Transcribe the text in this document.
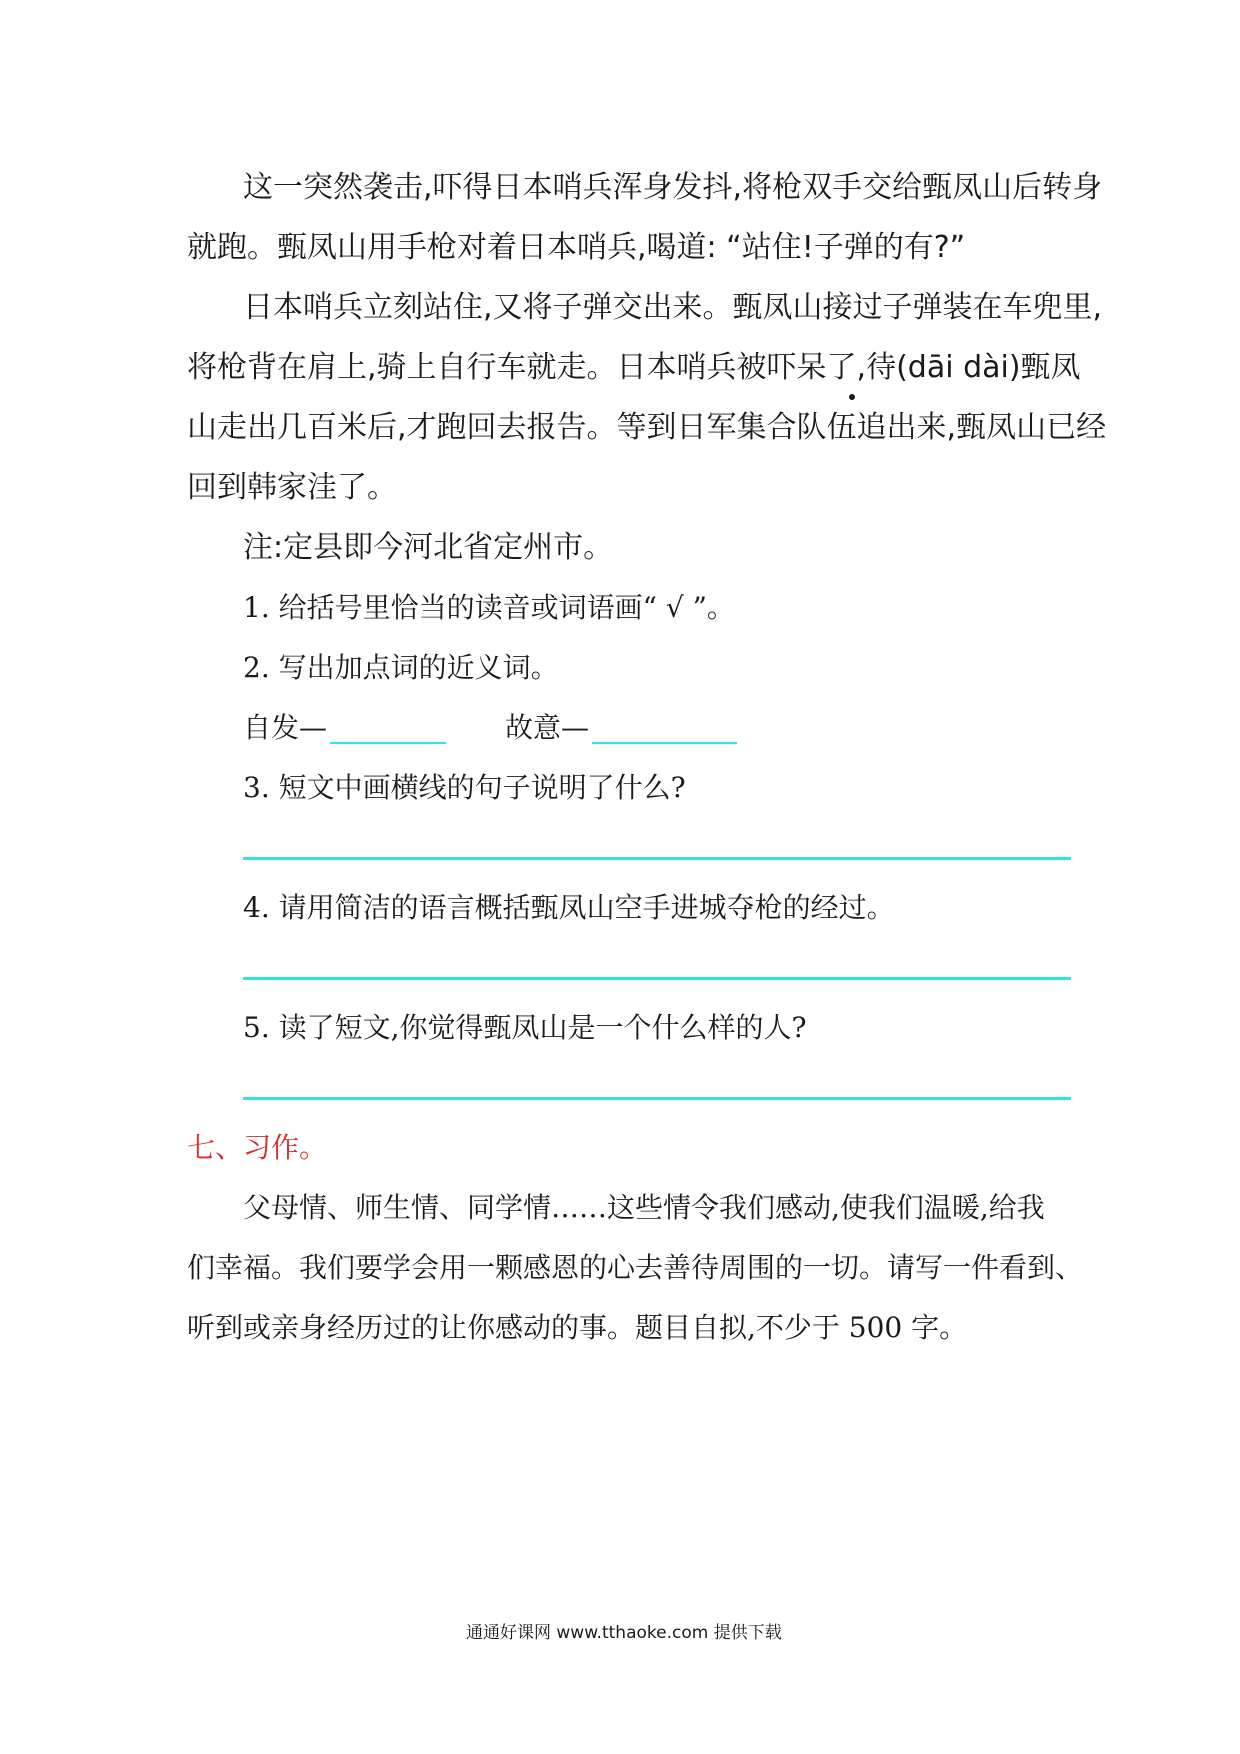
这一突然袭击,吓得日本哨兵浑身发抖,将枪双手交给甄凤山后转身
就跑。甄凤山用手枪对着日本哨兵,喝道: “站住!子弹的有?”
日本哨兵立刻站住,又将子弹交出来。甄凤山接过子弹装在车兜里,
将枪背在肩上,骑上自行车就走。日本哨兵被吓呆了,待(dāi dài)甄凤
山走出几百米后,才跑回去报告。等到日军集合队伍追出来,甄凤山已经
回到韩家洼了。
注:定县即今河北省定州市。
1. 给括号里恰当的读音或词语画“ √ ”。
2. 写出加点词的近义词。
自发—	故意—
3. 短文中画横线的句子说明了什么?
4. 请用简洁的语言概括甄凤山空手进城夺枪的经过。
5. 读了短文,你觉得甄凤山是一个什么样的人?
七、习作。
父母情、师生情、同学情……这些情令我们感动,使我们温暖,给我
们幸福。我们要学会用一颗感恩的心去善待周围的一切。请写一件看到、
听到或亲身经历过的让你感动的事。题目自拟,不少于 500 字。
通通好课网 www.tthaoke.com 提供下载
